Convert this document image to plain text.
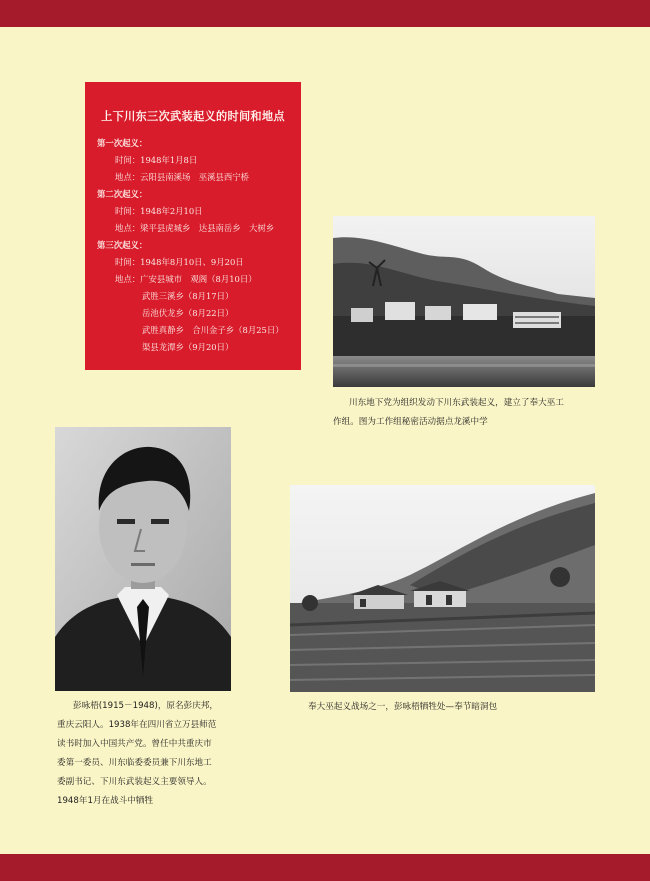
上下川东三次武装起义的时间和地点
第一次起义：
时间：1948年1月8日
地点：云阳县南溪场　巫溪县西宁桥
第二次起义：
时间：1948年2月10日
地点：梁平县虎城乡　达县南岳乡　大树乡
第三次起义：
时间：1948年8月10日、9月20日
地点：广安县城市　观阁（8月10日）
武胜三溪乡（8月17日）
岳池伏龙乡（8月22日）
武胜真静乡　合川金子乡（8月25日）
渠县龙潭乡（9月20日）
川东地下党为组织发动下川东武装起义，建立了奉大巫工
作组。图为工作组秘密活动据点龙溪中学
彭咏梧(1915－1948)，原名彭庆邦，
重庆云阳人。1938年在四川省立万县师范
读书时加入中国共产党。曾任中共重庆市
委第一委员、川东临委委员兼下川东地工
委副书记、下川东武装起义主要领导人。
1948年1月在战斗中牺牲
奉大巫起义战场之一，彭咏梧牺牲处—奉节暗洞包
